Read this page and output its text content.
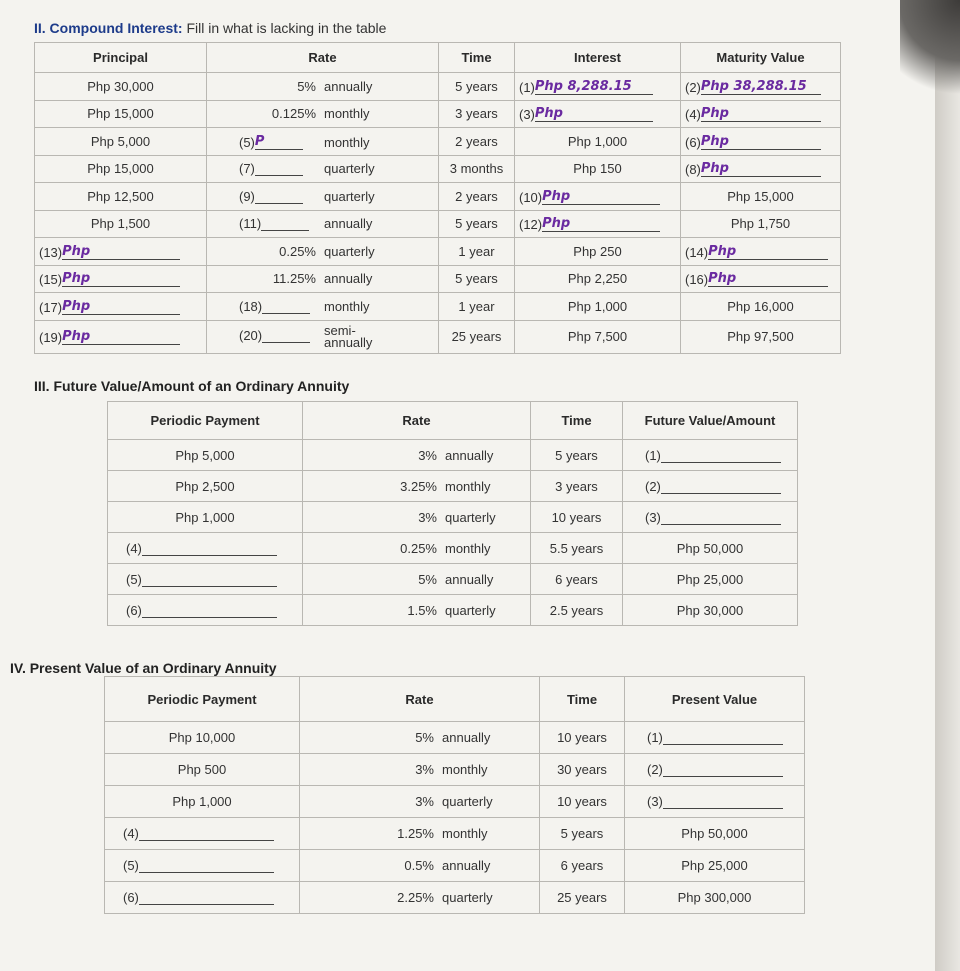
II. Compound Interest: Fill in what is lacking in the table
Principal	Rate	Time	Interest	Maturity Value
Php 30,000	5% annually	5 years	(1)Php 8,288.15	(2)Php 38,288.15
Php 15,000	0.125% monthly	3 years	(3)Php	(4)Php
Php 5,000	(5)P monthly	2 years	Php 1,000	(6)Php
Php 15,000	(7) quarterly	3 months	Php 150	(8)Php
Php 12,500	(9) quarterly	2 years	(10)Php	Php 15,000
Php 1,500	(11) annually	5 years	(12)Php	Php 1,750
(13)Php	0.25% quarterly	1 year	Php 250	(14)Php
(15)Php	11.25% annually	5 years	Php 2,250	(16)Php
(17)Php	(18) monthly	1 year	Php 1,000	Php 16,000
(19)Php	(20) semi-
annually	25 years	Php 7,500	Php 97,500
III. Future Value/Amount of an Ordinary Annuity
Periodic Payment	Rate	Time	Future Value/Amount
Php 5,000	3% annually	5 years	(1)
Php 2,500	3.25% monthly	3 years	(2)
Php 1,000	3% quarterly	10 years	(3)
(4)	0.25% monthly	5.5 years	Php 50,000
(5)	5% annually	6 years	Php 25,000
(6)	1.5% quarterly	2.5 years	Php 30,000
IV. Present Value of an Ordinary Annuity
Periodic Payment	Rate	Time	Present Value
Php 10,000	5% annually	10 years	(1)
Php 500	3% monthly	30 years	(2)
Php 1,000	3% quarterly	10 years	(3)
(4)	1.25% monthly	5 years	Php 50,000
(5)	0.5% annually	6 years	Php 25,000
(6)	2.25% quarterly	25 years	Php 300,000
